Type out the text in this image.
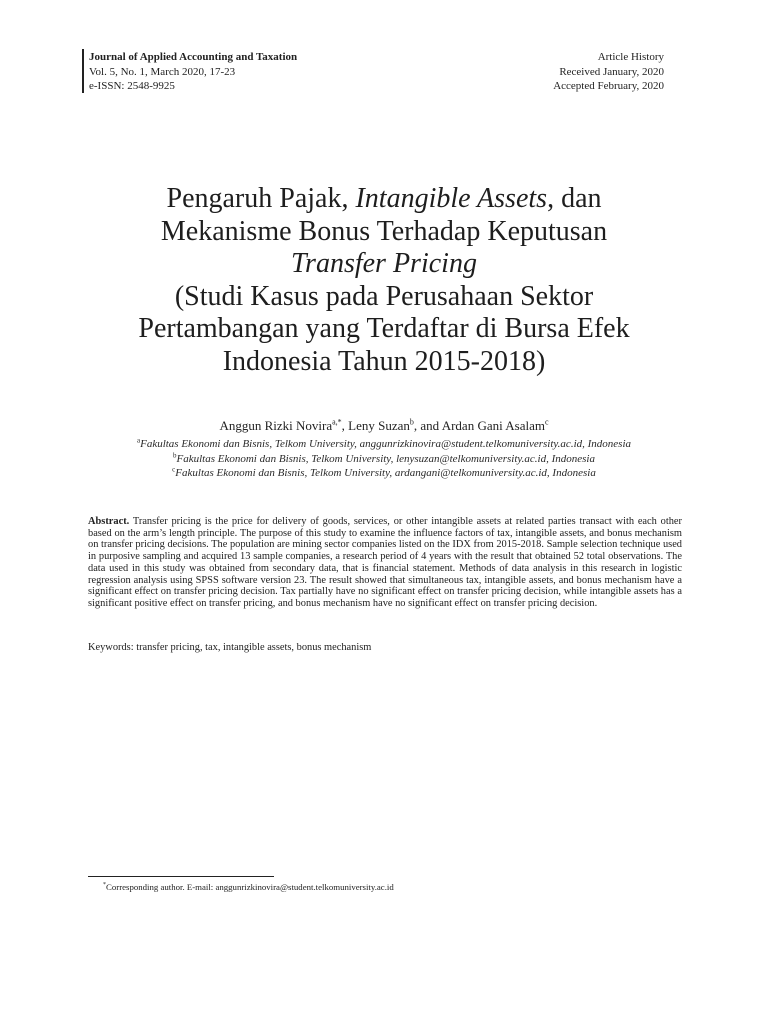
Journal of Applied Accounting and Taxation
Vol. 5, No. 1, March 2020, 17-23
e-ISSN: 2548-9925
Article History
Received January, 2020
Accepted February, 2020
Pengaruh Pajak, Intangible Assets, dan
Mekanisme Bonus Terhadap Keputusan
Transfer Pricing
(Studi Kasus pada Perusahaan Sektor
Pertambangan yang Terdaftar di Bursa Efek
Indonesia Tahun 2015-2018)
Anggun Rizki Novira$^{a,*}$, Leny Suzan$^b$, and Ardan Gani Asalam$^c$
$^a$Fakultas Ekonomi dan Bisnis, Telkom University, anggunrizkinovira@student.telkomuniversity.ac.id, Indonesia
$^b$Fakultas Ekonomi dan Bisnis, Telkom University, lenysuzan@telkomuniversity.ac.id, Indonesia
$^c$Fakultas Ekonomi dan Bisnis, Telkom University, ardangani@telkomuniversity.ac.id, Indonesia
Abstract. Transfer pricing is the price for delivery of goods, services, or other intangible assets at related parties transact with each other based on the arm’s length principle. The purpose of this study to examine the influence factors of tax, intangible assets, and bonus mechanism on transfer pricing decisions. The population are mining sector companies listed on the IDX from 2015-2018. Sample selection technique used in purposive sampling and acquired 13 sample companies, a research period of 4 years with the result that obtained 52 total observations. The data used in this study was obtained from secondary data, that is financial statement. Methods of data analysis in this research in logistic regression analysis using SPSS software version 23. The result showed that simultaneous tax, intangible assets, and bonus mechanism have a significant effect on transfer pricing decision. Tax partially have no significant effect on transfer pricing decision, while intangible assets has a significant positive effect on transfer pricing, and bonus mechanism have no significant effect on transfer pricing decision.
Keywords: transfer pricing, tax, intangible assets, bonus mechanism
*Corresponding author. E-mail: anggunrizkinovira@student.telkomuniversity.ac.id
